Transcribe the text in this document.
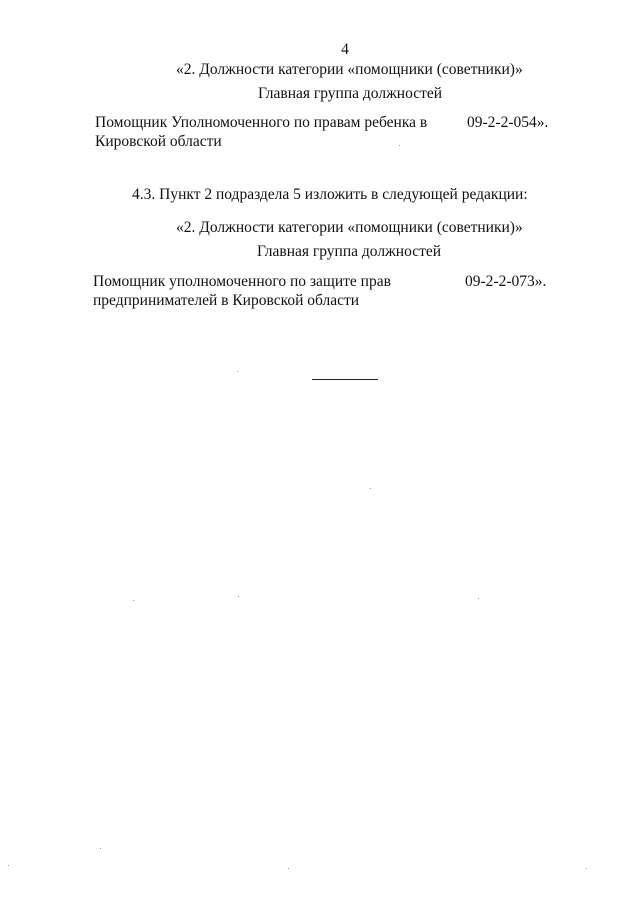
4
«2. Должности категории «помощники (советники)»
Главная группа должностей
Помощник Уполномоченного по правам ребенка в
Кировской области
09-2-2-054».
4.3. Пункт 2 подраздела 5 изложить в следующей редакции:
«2. Должности категории «помощники (советники)»
Главная группа должностей
Помощник уполномоченного по защите прав
предпринимателей в Кировской области
09-2-2-073».
